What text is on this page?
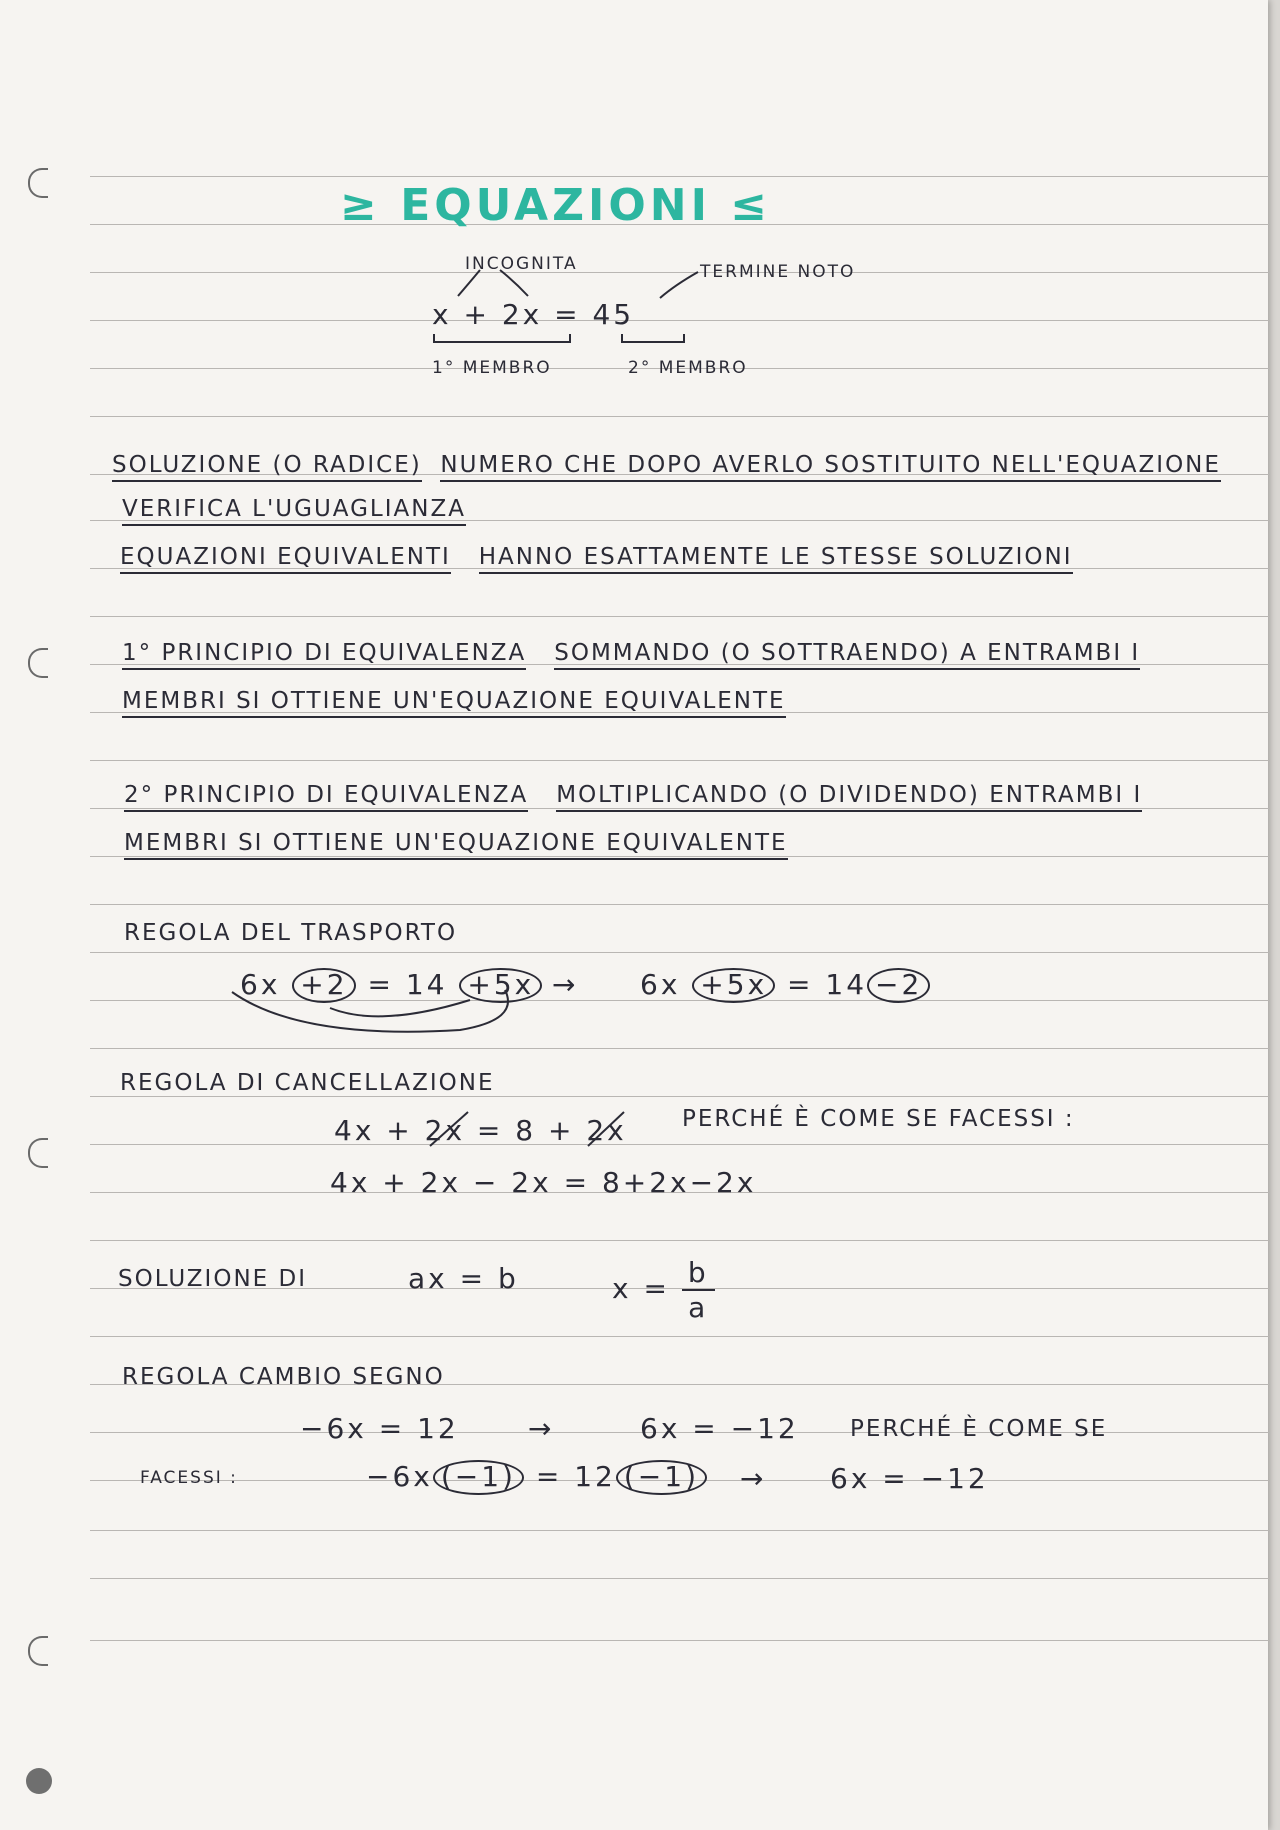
≥ EQUAZIONI ≤
INCOGNITA	TERMINE NOTO
x + 2x = 45
1° MEMBRO	2° MEMBRO
SOLUZIONE (O RADICE) NUMERO CHE DOPO AVERLO SOSTITUITO NELL'EQUAZIONE
VERIFICA L'UGUAGLIANZA
EQUAZIONI EQUIVALENTI HANNO ESATTAMENTE LE STESSE SOLUZIONI
1° PRINCIPIO DI EQUIVALENZA SOMMANDO (O SOTTRAENDO) A ENTRAMBI I
MEMBRI SI OTTIENE UN'EQUAZIONE EQUIVALENTE
2° PRINCIPIO DI EQUIVALENZA MOLTIPLICANDO (O DIVIDENDO) ENTRAMBI I
MEMBRI SI OTTIENE UN'EQUAZIONE EQUIVALENTE
REGOLA DEL TRASPORTO
6x +2 = 14 +5x → 6x +5x = 14 −2
REGOLA DI CANCELLAZIONE
4x + 2x = 8 + 2x PERCHÉ È COME SE FACESSI :
4x + 2x − 2x = 8+2x−2x
SOLUZIONE DI	ax = b	$x = \frac{b}{a}$
REGOLA CAMBIO SEGNO
−6x = 12 →	6x = −12 PERCHÉ È COME SE
FACESSI :	−6x (−1) = 12 (−1) → 6x = −12
